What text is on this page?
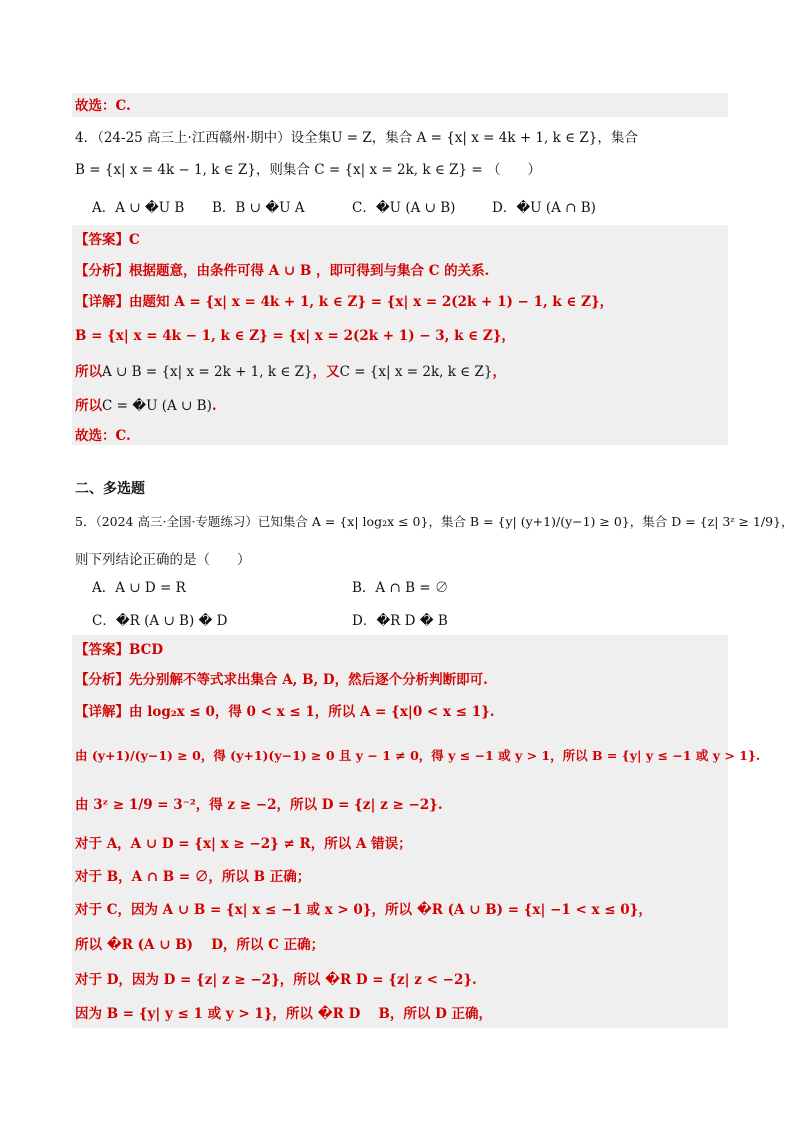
故选：C.
4．（24-25 高三上·江西赣州·期中）设全集U = Z，集合 A = {x| x = 4k + 1, k ∈ Z}，集合
B = {x| x = 4k − 1, k ∈ Z}，则集合 C = {x| x = 2k, k ∈ Z} = （　　）
A．A ∪ �U B B．B ∪ �U A	C．�U (A ∪ B)	D．�U (A ∩ B)
【答案】C
【分析】根据题意，由条件可得 A ∪ B ，即可得到与集合 C 的关系.
【详解】由题知 A = {x| x = 4k + 1, k ∈ Z} = {x| x = 2(2k + 1) − 1, k ∈ Z}，
B = {x| x = 4k − 1, k ∈ Z} = {x| x = 2(2k + 1) − 3, k ∈ Z}，
所以A ∪ B = {x| x = 2k + 1, k ∈ Z}，又C = {x| x = 2k, k ∈ Z}，
所以C = �U (A ∪ B).
故选：C.
二、多选题
5．（2024 高三·全国·专题练习）已知集合 A = {x| log₂x ≤ 0}，集合 B = {y| (y+1)/(y−1) ≥ 0}，集合 D = {z| 3ᶻ ≥ 1/9}，
则下列结论正确的是（　　）
A．A ∪ D = R	B．A ∩ B = ∅
C．�R (A ∪ B) � D	D．�R D � B
【答案】BCD
【分析】先分别解不等式求出集合 A, B, D，然后逐个分析判断即可.
【详解】由 log₂x ≤ 0，得 0 < x ≤ 1，所以 A = {x|0 < x ≤ 1}.
由 (y+1)/(y−1) ≥ 0，得 (y+1)(y−1) ≥ 0 且 y − 1 ≠ 0，得 y ≤ −1 或 y > 1，所以 B = {y| y ≤ −1 或 y > 1}.
由 3ᶻ ≥ 1/9 = 3⁻²，得 z ≥ −2，所以 D = {z| z ≥ −2}.
对于 A，A ∪ D = {x| x ≥ −2} ≠ R，所以 A 错误；
对于 B，A ∩ B = ∅，所以 B 正确；
对于 C，因为 A ∪ B = {x| x ≤ −1 或 x > 0}，所以 �R (A ∪ B) = {x| −1 < x ≤ 0}，
所以 �R (A ∪ B) 　D，所以 C 正确；
对于 D，因为 D = {z| z ≥ −2}，所以 �R D = {z| z < −2}.
因为 B = {y| y ≤ 1 或 y > 1}，所以 �R D 　B，所以 D 正确，
